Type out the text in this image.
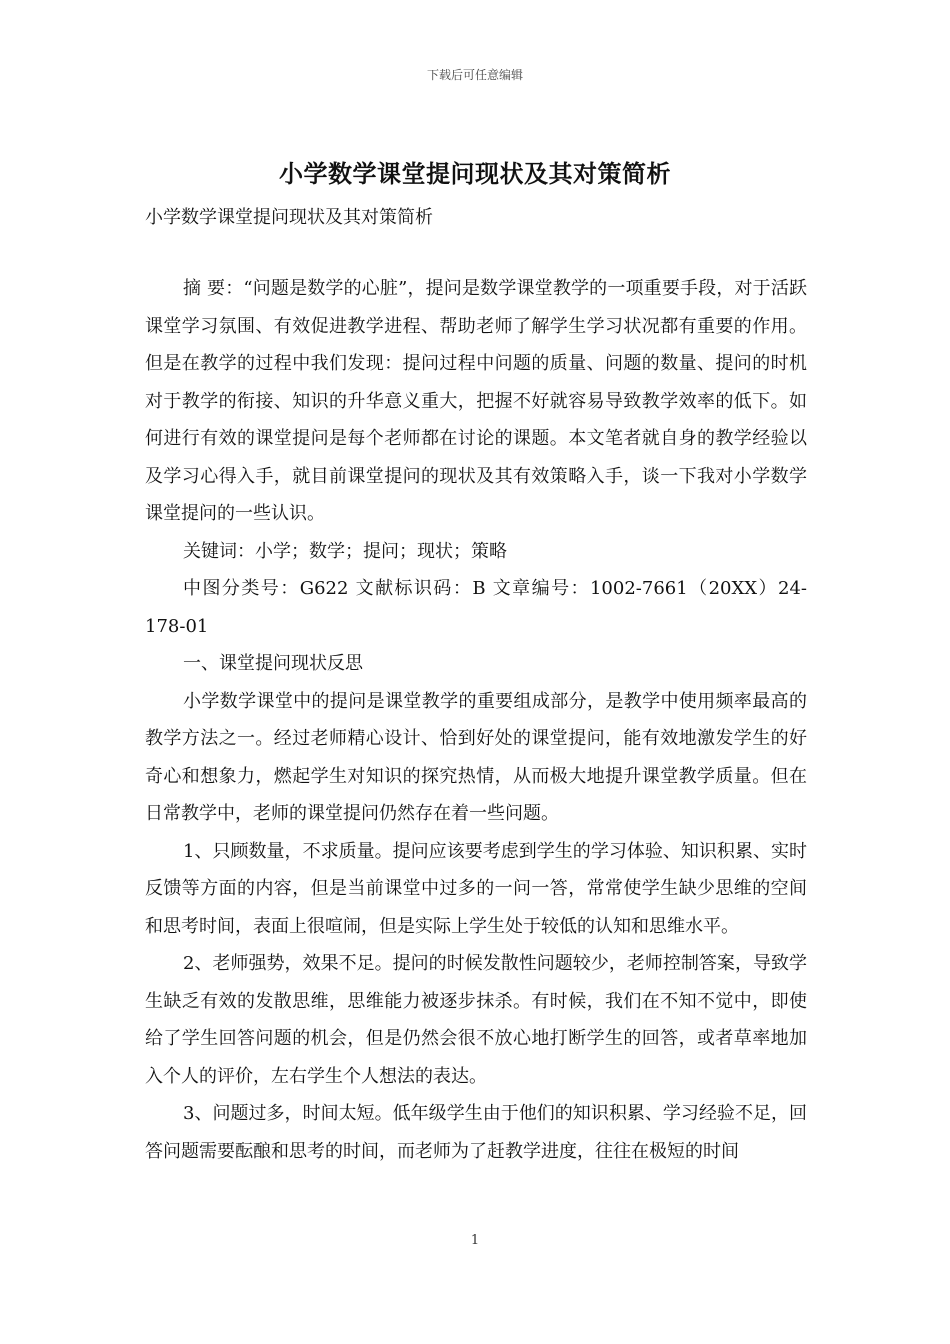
下载后可任意编辑
小学数学课堂提问现状及其对策简析
小学数学课堂提问现状及其对策简析

摘 要：“问题是数学的心脏”，提问是数学课堂教学的一项重要手段，对于活跃课堂学习氛围、有效促进教学进程、帮助老师了解学生学习状况都有重要的作用。但是在教学的过程中我们发现：提问过程中问题的质量、问题的数量、提问的时机对于教学的衔接、知识的升华意义重大，把握不好就容易导致教学效率的低下。如何进行有效的课堂提问是每个老师都在讨论的课题。本文笔者就自身的教学经验以及学习心得入手，就目前课堂提问的现状及其有效策略入手，谈一下我对小学数学课堂提问的一些认识。

关键词：小学；数学；提问；现状；策略

中图分类号：G622 文献标识码：B 文章编号：1002-7661（20XX）24-178-01

一、课堂提问现状反思

小学数学课堂中的提问是课堂教学的重要组成部分，是教学中使用频率最高的教学方法之一。经过老师精心设计、恰到好处的课堂提问，能有效地激发学生的好奇心和想象力，燃起学生对知识的探究热情，从而极大地提升课堂教学质量。但在日常教学中，老师的课堂提问仍然存在着一些问题。

1、只顾数量，不求质量。提问应该要考虑到学生的学习体验、知识积累、实时反馈等方面的内容，但是当前课堂中过多的一问一答，常常使学生缺少思维的空间和思考时间，表面上很喧闹，但是实际上学生处于较低的认知和思维水平。

2、老师强势，效果不足。提问的时候发散性问题较少，老师控制答案，导致学生缺乏有效的发散思维，思维能力被逐步抹杀。有时候，我们在不知不觉中，即使给了学生回答问题的机会，但是仍然会很不放心地打断学生的回答，或者草率地加入个人的评价，左右学生个人想法的表达。

3、问题过多，时间太短。低年级学生由于他们的知识积累、学习经验不足，回答问题需要酝酿和思考的时间，而老师为了赶教学进度，往往在极短的时间

1
